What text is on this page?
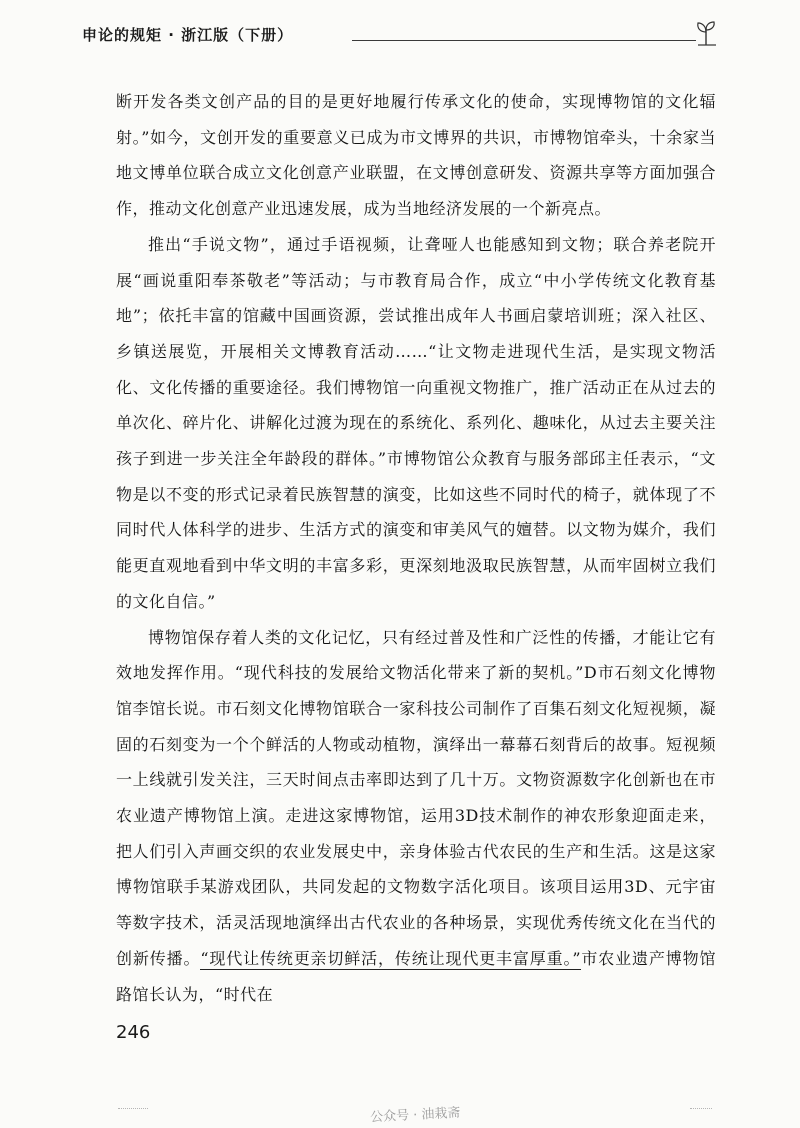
申论的规矩 · 浙江版（下册）

断开发各类文创产品的目的是更好地履行传承文化的使命，实现博物馆的文化辐射。”如今，文创开发的重要意义已成为市文博界的共识，市博物馆牵头，十余家当地文博单位联合成立文化创意产业联盟，在文博创意研发、资源共享等方面加强合作，推动文化创意产业迅速发展，成为当地经济发展的一个新亮点。

推出“手说文物”，通过手语视频，让聋哑人也能感知到文物；联合养老院开展“画说重阳奉茶敬老”等活动；与市教育局合作，成立“中小学传统文化教育基地”；依托丰富的馆藏中国画资源，尝试推出成年人书画启蒙培训班；深入社区、乡镇送展览，开展相关文博教育活动……“让文物走进现代生活，是实现文物活化、文化传播的重要途径。我们博物馆一向重视文物推广，推广活动正在从过去的单次化、碎片化、讲解化过渡为现在的系统化、系列化、趣味化，从过去主要关注孩子到进一步关注全年龄段的群体。”市博物馆公众教育与服务部邱主任表示，“文物是以不变的形式记录着民族智慧的演变，比如这些不同时代的椅子，就体现了不同时代人体科学的进步、生活方式的演变和审美风气的嬗替。以文物为媒介，我们能更直观地看到中华文明的丰富多彩，更深刻地汲取民族智慧，从而牢固树立我们的文化自信。”

博物馆保存着人类的文化记忆，只有经过普及性和广泛性的传播，才能让它有效地发挥作用。“现代科技的发展给文物活化带来了新的契机。”D市石刻文化博物馆李馆长说。市石刻文化博物馆联合一家科技公司制作了百集石刻文化短视频，凝固的石刻变为一个个鲜活的人物或动植物，演绎出一幕幕石刻背后的故事。短视频一上线就引发关注，三天时间点击率即达到了几十万。文物资源数字化创新也在市农业遗产博物馆上演。走进这家博物馆，运用3D技术制作的神农形象迎面走来，把人们引入声画交织的农业发展史中，亲身体验古代农民的生产和生活。这是这家博物馆联手某游戏团队，共同发起的文物数字活化项目。该项目运用3D、元宇宙等数字技术，活灵活现地演绎出古代农业的各种场景，实现优秀传统文化在当代的创新传播。“现代让传统更亲切鲜活，传统让现代更丰富厚重。”市农业遗产博物馆路馆长认为，“时代在

246
公众号 · 油栽斋
